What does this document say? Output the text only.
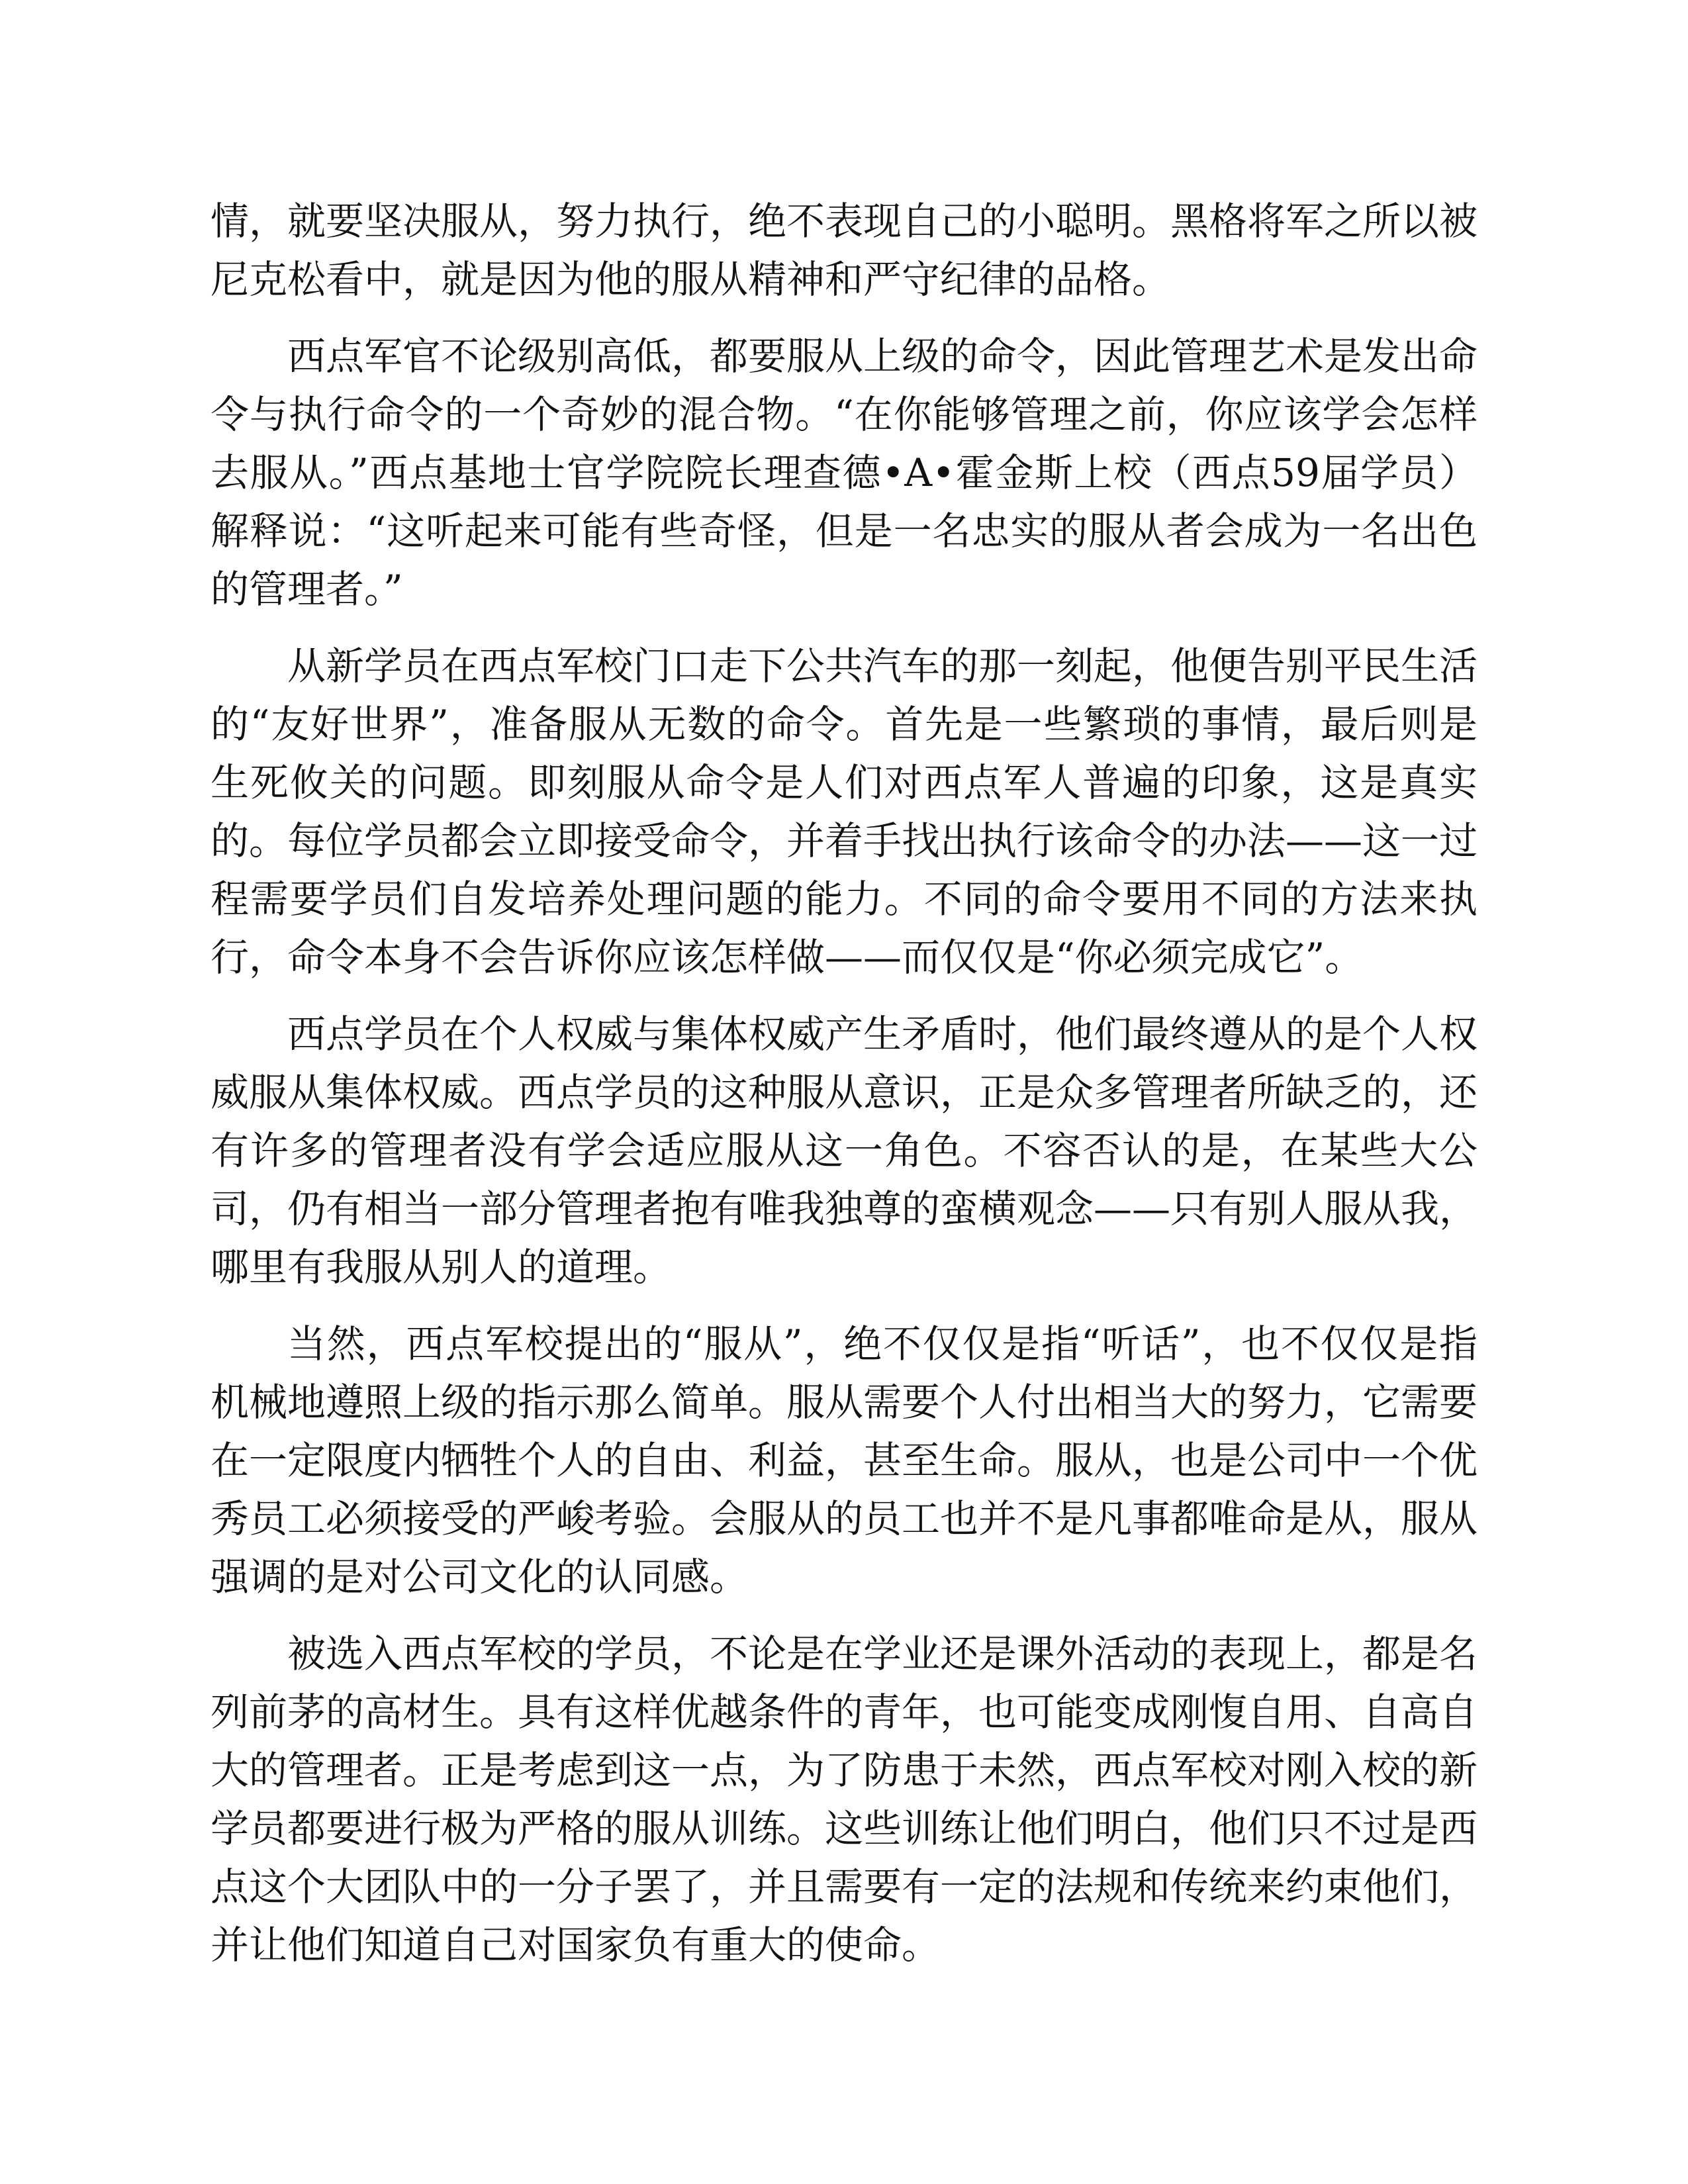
情，就要坚决服从，努力执行，绝不表现自己的小聪明。黑格将军之所以被尼克松看中，就是因为他的服从精神和严守纪律的品格。

西点军官不论级别高低，都要服从上级的命令，因此管理艺术是发出命令与执行命令的一个奇妙的混合物。“在你能够管理之前，你应该学会怎样去服从。”西点基地士官学院院长理查德•A•霍金斯上校（西点59届学员）解释说：“这听起来可能有些奇怪，但是一名忠实的服从者会成为一名出色的管理者。”

从新学员在西点军校门口走下公共汽车的那一刻起，他便告别平民生活的“友好世界”，准备服从无数的命令。首先是一些繁琐的事情，最后则是生死攸关的问题。即刻服从命令是人们对西点军人普遍的印象，这是真实的。每位学员都会立即接受命令，并着手找出执行该命令的办法——这一过程需要学员们自发培养处理问题的能力。不同的命令要用不同的方法来执行，命令本身不会告诉你应该怎样做——而仅仅是“你必须完成它”。

西点学员在个人权威与集体权威产生矛盾时，他们最终遵从的是个人权威服从集体权威。西点学员的这种服从意识，正是众多管理者所缺乏的，还有许多的管理者没有学会适应服从这一角色。不容否认的是，在某些大公司，仍有相当一部分管理者抱有唯我独尊的蛮横观念——只有别人服从我，哪里有我服从别人的道理。

当然，西点军校提出的“服从”，绝不仅仅是指“听话”，也不仅仅是指机械地遵照上级的指示那么简单。服从需要个人付出相当大的努力，它需要在一定限度内牺牲个人的自由、利益，甚至生命。服从，也是公司中一个优秀员工必须接受的严峻考验。会服从的员工也并不是凡事都唯命是从，服从强调的是对公司文化的认同感。

被选入西点军校的学员，不论是在学业还是课外活动的表现上，都是名列前茅的高材生。具有这样优越条件的青年，也可能变成刚愎自用、自高自大的管理者。正是考虑到这一点，为了防患于未然，西点军校对刚入校的新学员都要进行极为严格的服从训练。这些训练让他们明白，他们只不过是西点这个大团队中的一分子罢了，并且需要有一定的法规和传统来约束他们，并让他们知道自己对国家负有重大的使命。
